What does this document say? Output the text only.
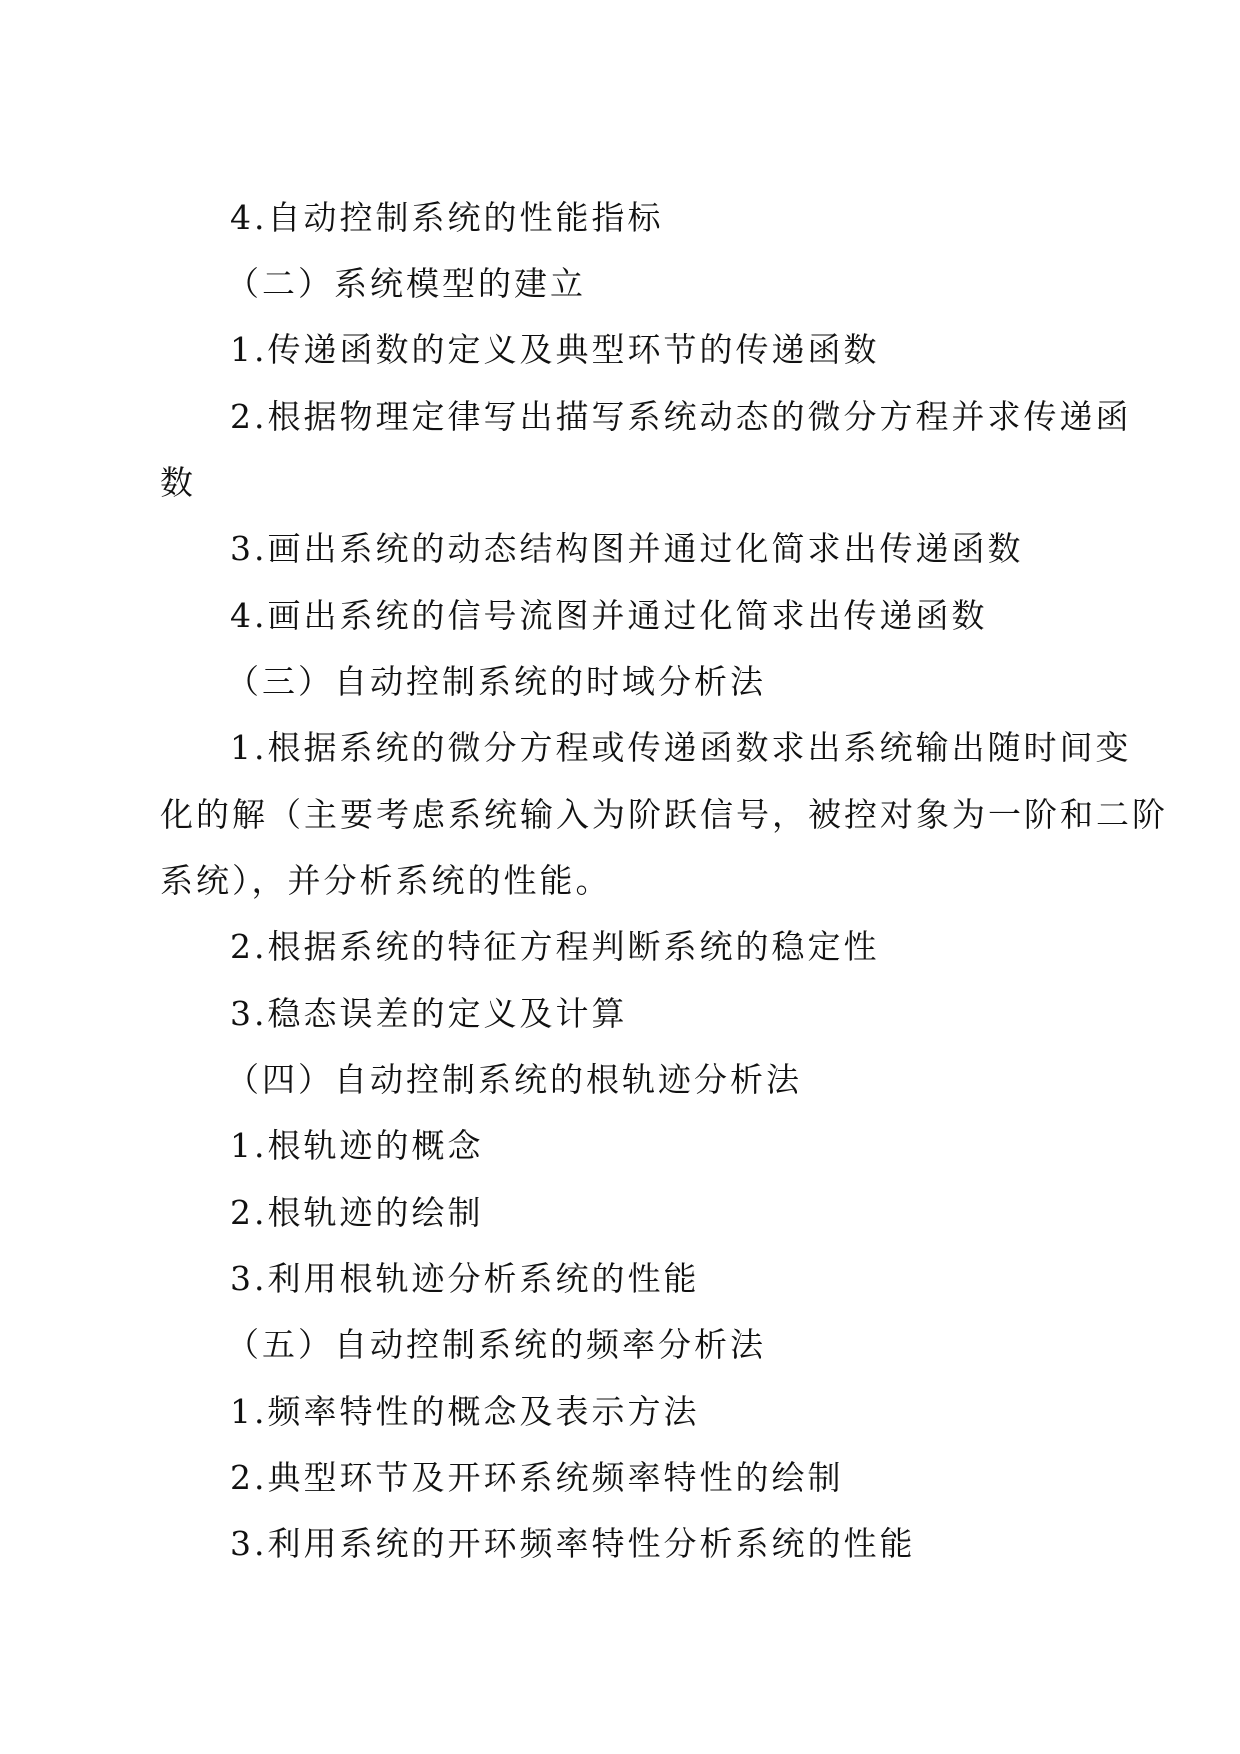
4.自动控制系统的性能指标
（二）系统模型的建立
1.传递函数的定义及典型环节的传递函数
2.根据物理定律写出描写系统动态的微分方程并求传递函
数
3.画出系统的动态结构图并通过化简求出传递函数
4.画出系统的信号流图并通过化简求出传递函数
（三）自动控制系统的时域分析法
1.根据系统的微分方程或传递函数求出系统输出随时间变
化的解（主要考虑系统输入为阶跃信号，被控对象为一阶和二阶
系统），并分析系统的性能。
2.根据系统的特征方程判断系统的稳定性
3.稳态误差的定义及计算
（四）自动控制系统的根轨迹分析法
1.根轨迹的概念
2.根轨迹的绘制
3.利用根轨迹分析系统的性能
（五）自动控制系统的频率分析法
1.频率特性的概念及表示方法
2.典型环节及开环系统频率特性的绘制
3.利用系统的开环频率特性分析系统的性能
